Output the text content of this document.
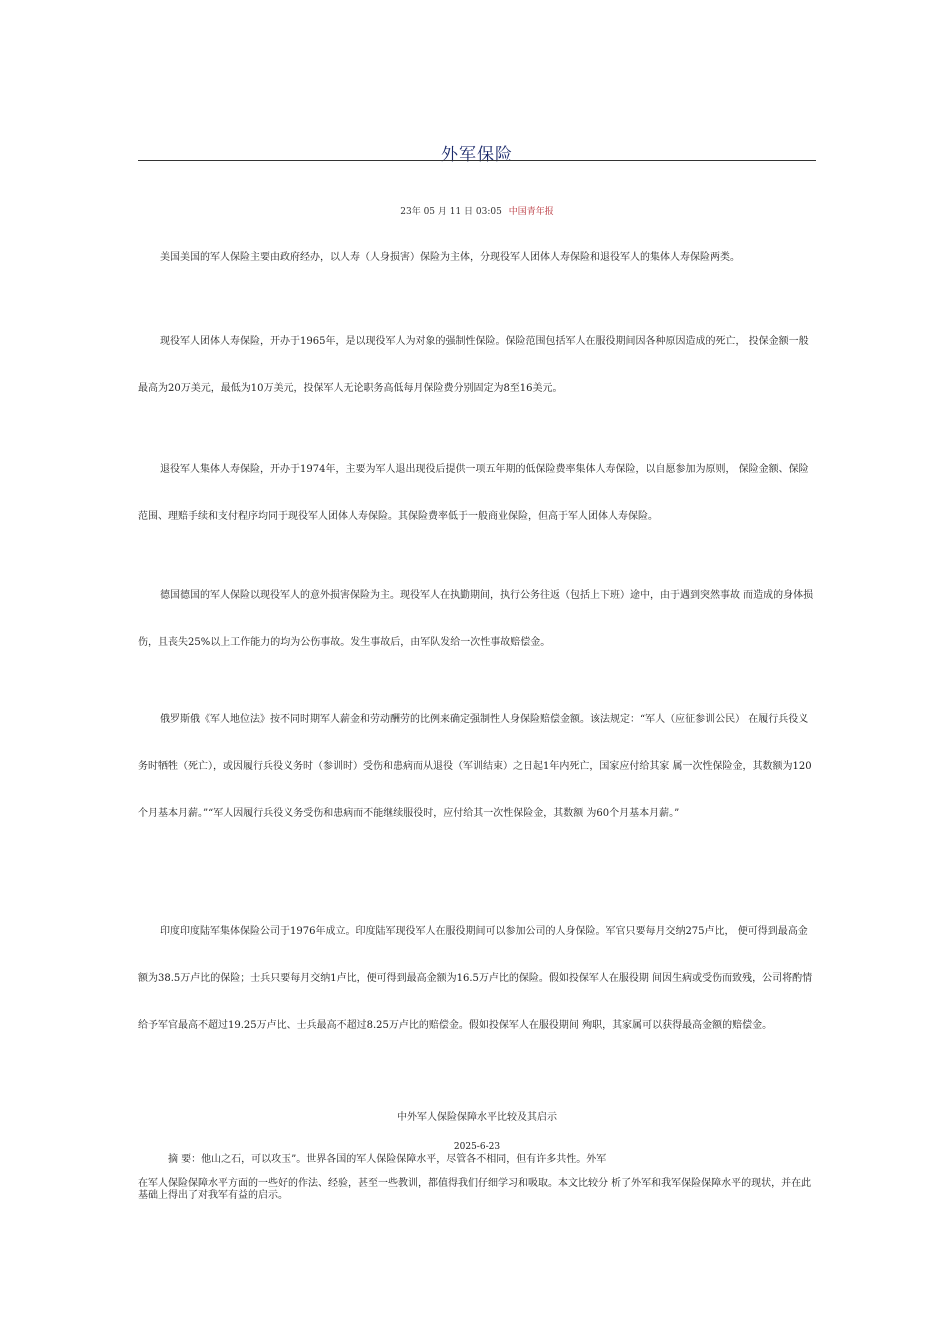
外军保险
23年 05 月 11 日 03:05 中国青年报

美国美国的军人保险主要由政府经办，以人寿（人身损害）保险为主体，分现役军人团体人寿保险和退役军人的集体人寿保险两类。

现役军人团体人寿保险，开办于1965年，是以现役军人为对象的强制性保险。保险范围包括军人在服役期间因各种原因造成的死亡， 投保金额一般最高为20万美元，最低为10万美元，投保军人无论职务高低每月保险费分别固定为8至16美元。

退役军人集体人寿保险，开办于1974年，主要为军人退出现役后提供一项五年期的低保险费率集体人寿保险，以自愿参加为原则， 保险金额、保险范围、理赔手续和支付程序均同于现役军人团体人寿保险。其保险费率低于一般商业保险，但高于军人团体人寿保险。

德国德国的军人保险以现役军人的意外损害保险为主。现役军人在执勤期间，执行公务往返（包括上下班）途中，由于遇到突然事故 而造成的身体损伤，且丧失25%以上工作能力的均为公伤事故。发生事故后，由军队发给一次性事故赔偿金。

俄罗斯俄《军人地位法》按不同时期军人薪金和劳动酬劳的比例来确定强制性人身保险赔偿金额。该法规定：“军人（应征参训公民） 在履行兵役义务时牺牲（死亡），或因履行兵役义务时（参训时）受伤和患病而从退役（军训结束）之日起1年内死亡，国家应付给其家 属一次性保险金，其数额为120个月基本月薪。”“军人因履行兵役义务受伤和患病而不能继续服役时，应付给其一次性保险金，其数额 为60个月基本月薪。”

印度印度陆军集体保险公司于1976年成立。印度陆军现役军人在服役期间可以参加公司的人身保险。军官只要每月交纳275卢比， 便可得到最高金额为38.5万卢比的保险；士兵只要每月交纳1卢比，便可得到最高金额为16.5万卢比的保险。假如投保军人在服役期 间因生病或受伤而致残，公司将酌情给予军官最高不超过19.25万卢比、士兵最高不超过8.25万卢比的赔偿金。假如投保军人在服役期间 殉职，其家属可以获得最高金额的赔偿金。

中外军人保险保障水平比较及其启示
2025-6-23
摘 要：他山之石，可以攻玉”。世界各国的军人保险保障水平，尽管各不相同，但有许多共性。外军
在军人保险保障水平方面的一些好的作法、经验，甚至一些教训，都值得我们仔细学习和吸取。本文比较分 析了外军和我军保险保障水平的现状，并在此基础上得出了对我军有益的启示。
